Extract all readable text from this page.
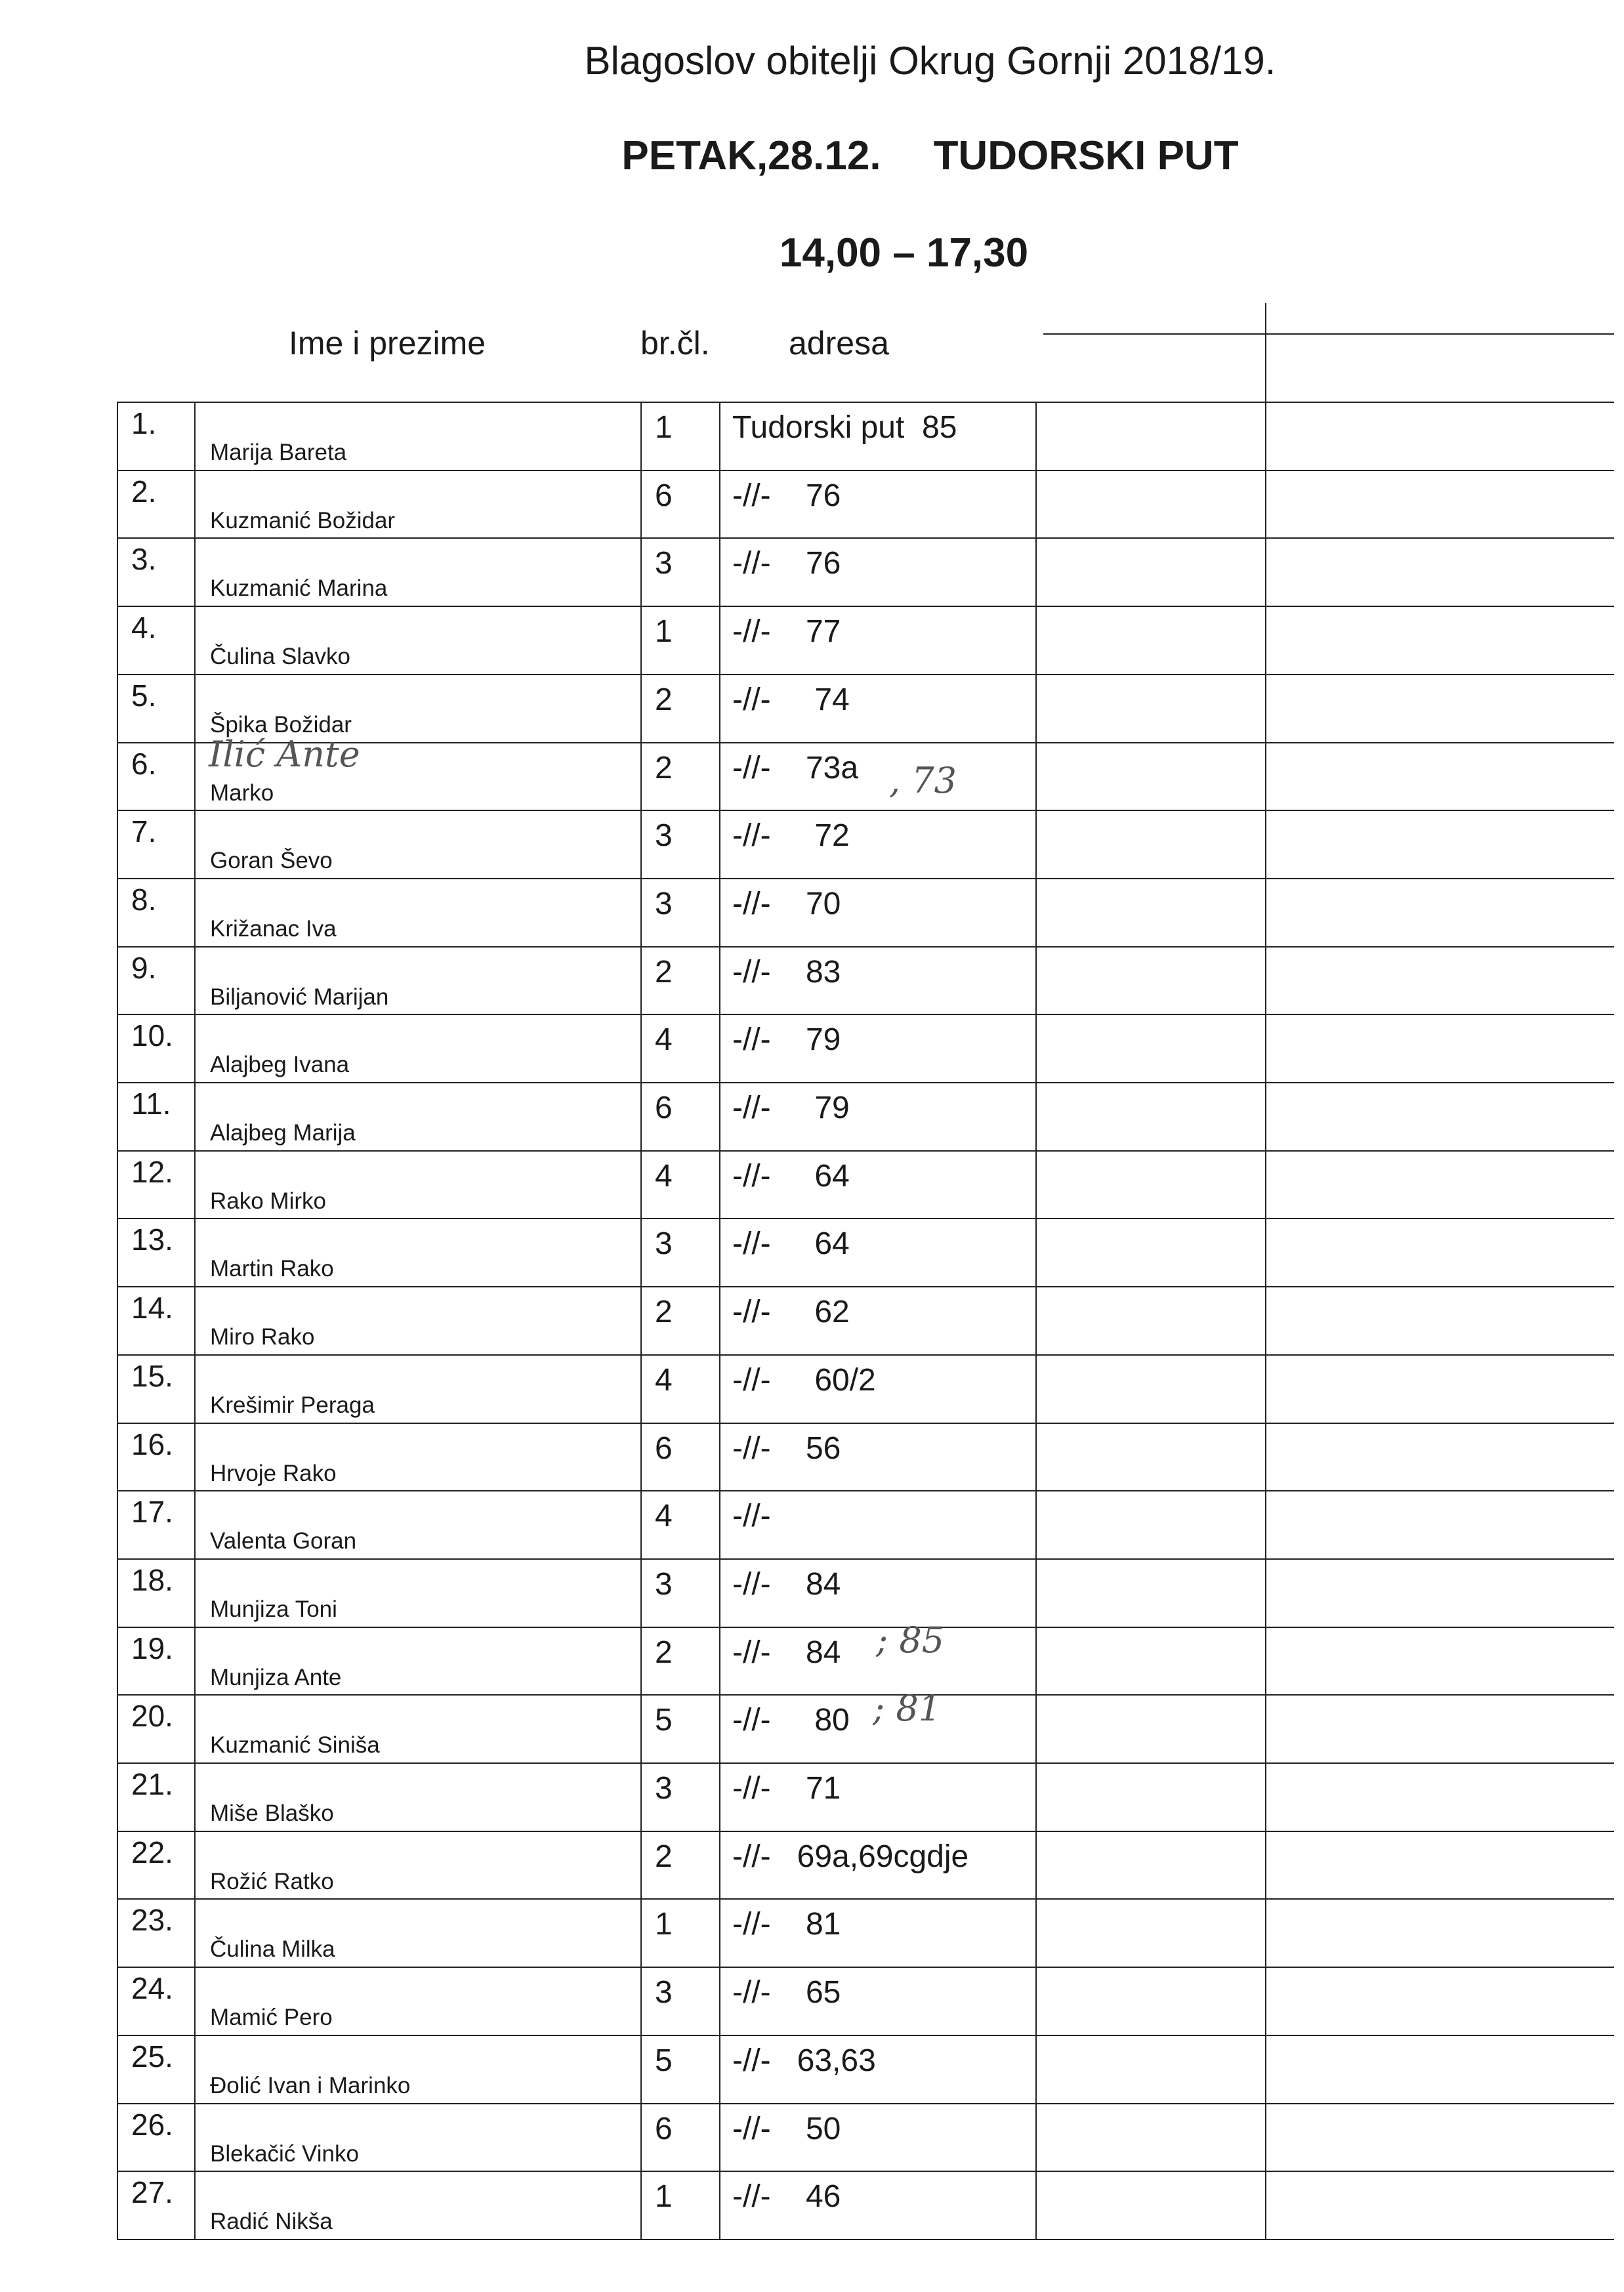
Blagoslov obitelji Okrug Gornji 2018/19.
PETAK,28.12. TUDORSKI PUT
14,00 – 17,30
Ime i prezime	br.čl. adresa
1.
Marija Bareta
1 Tudorski put  85
2.
Kuzmanić Božidar
6 -//-    76
3.
Kuzmanić Marina
3 -//-    76
4.
Čulina Slavko
1 -//-    77
5.
Špika Božidar
2 -//-     74
6.
Marko
2 -//-    73a
7.
Goran Ševo
3 -//-     72
8.
Križanac Iva
3 -//-    70
9.
Biljanović Marijan
2 -//-    83
10.
Alajbeg Ivana
4 -//-    79
11.
Alajbeg Marija
6 -//-     79
12.
Rako Mirko
4 -//-     64
13.
Martin Rako
3 -//-     64
14.
Miro Rako
2 -//-     62
15.
Krešimir Peraga
4 -//-     60/2
16.
Hrvoje Rako
6 -//-    56
17.
Valenta Goran
4 -//-
18.
Munjiza Toni
3 -//-    84
19.
Munjiza Ante
2 -//-    84
20.
Kuzmanić Siniša
5 -//-     80
21.
Miše Blaško
3 -//-    71
22.
Rožić Ratko
2 -//-   69a,69cgdje
23.
Čulina Milka
1 -//-    81
24.
Mamić Pero
3 -//-    65
25.
Đolić Ivan i Marinko
5 -//-   63,63
26.
Blekačić Vinko
6 -//-    50
27.
Radić Nikša
1 -//-    46
Ilić Ante
, 73
; 85
; 81
